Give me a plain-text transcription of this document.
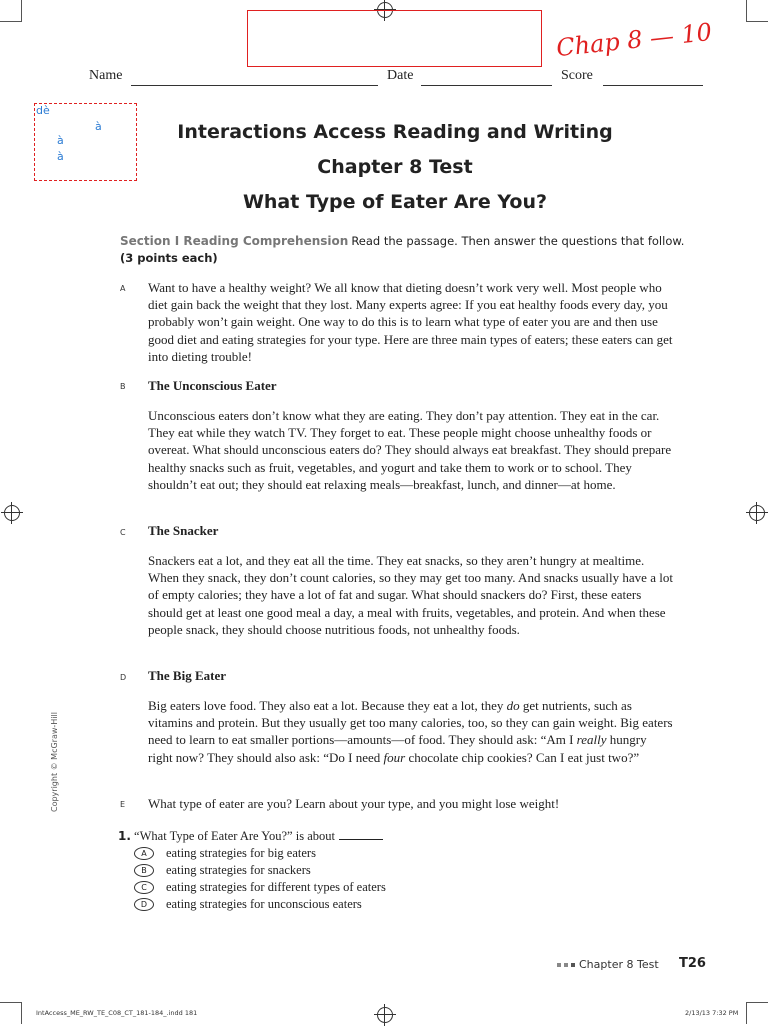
Chap 8 — 10
Name	Date	Score
dè
à
à
à
Interactions Access Reading and Writing
Chapter 8 Test
What Type of Eater Are You?
Section I Reading Comprehension Read the passage. Then answer the questions that follow.
(3 points each)
A Want to have a healthy weight? We all know that dieting doesn’t work very well. Most people who diet gain back the weight that they lost. Many experts agree: If you eat healthy foods every day, you probably won’t gain weight. One way to do this is to learn what type of eater you are and then use good diet and eating strategies for your type. Here are three main types of eaters; these eaters can get into dieting trouble!
B The Unconscious Eater
Unconscious eaters don’t know what they are eating. They don’t pay attention. They eat in the car. They eat while they watch TV. They forget to eat. These people might choose unhealthy foods or overeat. What should unconscious eaters do? They should always eat breakfast. They should prepare healthy snacks such as fruit, vegetables, and yogurt and take them to work or to school. They shouldn’t eat out; they should eat relaxing meals—breakfast, lunch, and dinner—at home.
C The Snacker
Snackers eat a lot, and they eat all the time. They eat snacks, so they aren’t hungry at mealtime. When they snack, they don’t count calories, so they may get too many. And snacks usually have a lot of empty calories; they have a lot of fat and sugar. What should snackers do? First, these eaters should get at least one good meal a day, a meal with fruits, vegetables, and protein. And when these people snack, they should choose nutritious foods, not unhealthy foods.
D The Big Eater
Big eaters love food. They also eat a lot. Because they eat a lot, they do get nutrients, such as vitamins and protein. But they usually get too many calories, too, so they can gain weight. Big eaters need to learn to eat smaller portions—amounts—of food. They should ask: “Am I really hungry right now? They should also ask: “Do I need four chocolate chip cookies? Can I eat just two?”
E What type of eater are you? Learn about your type, and you might lose weight!
1. “What Type of Eater Are You?” is about
A	eating strategies for big eaters
B	eating strategies for snackers
C	eating strategies for different types of eaters
D	eating strategies for unconscious eaters
Copyright © McGraw-Hill
Chapter 8 Test T26
IntAccess_ME_RW_TE_C08_CT_181-184_.indd 181	2/13/13 7:32 PM
